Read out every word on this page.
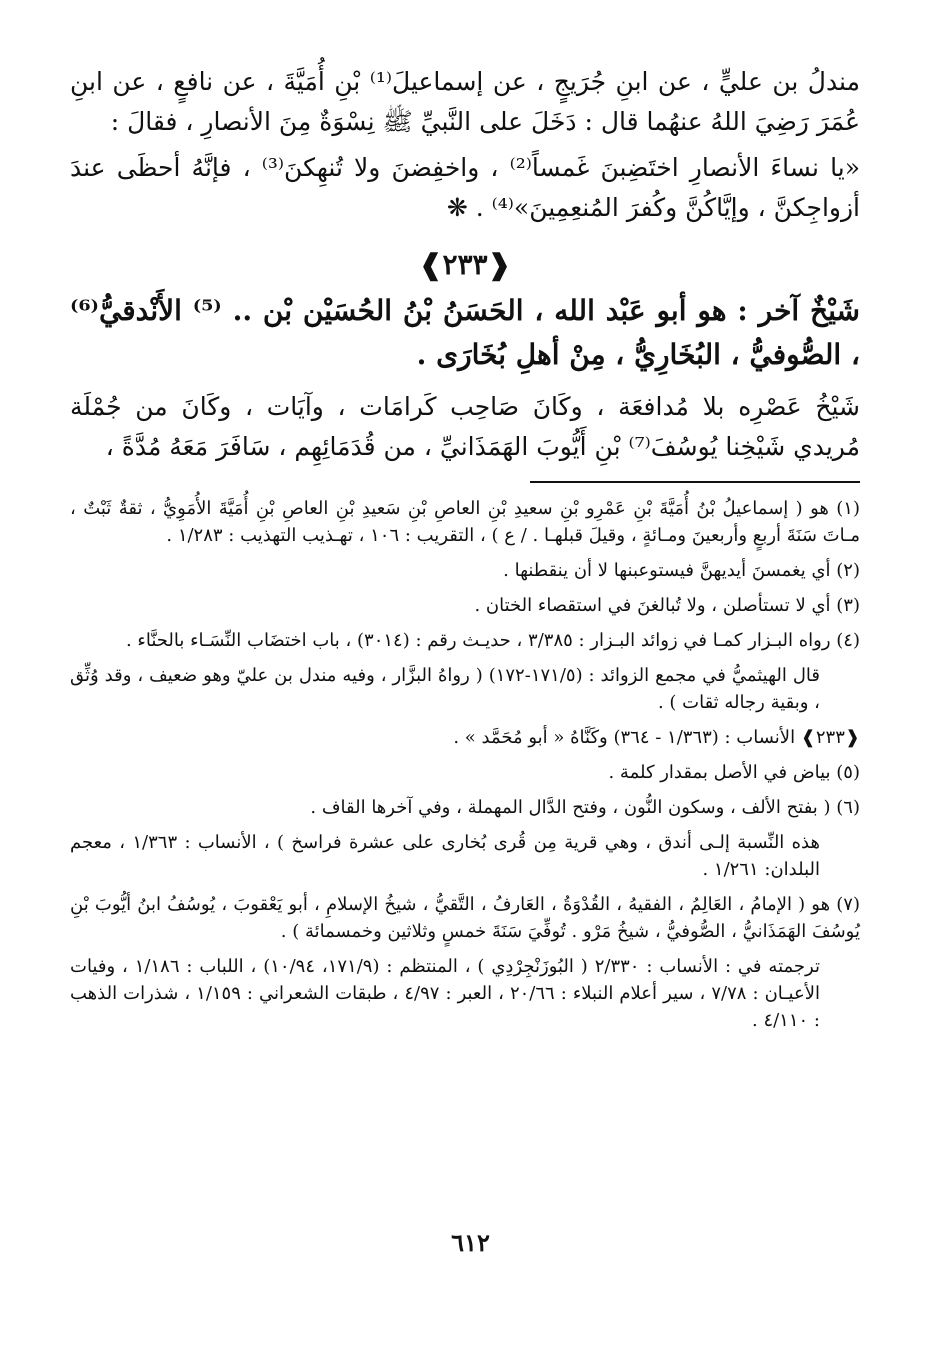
مندلُ بن عليٍّ ، عن ابنِ جُرَيجٍ ، عن إسماعيلَ⁽¹⁾ بْنِ أُمَيَّةَ ، عن نافعٍ ، عن ابنِ عُمَرَ رَضِيَ اللهُ عنهُما قال : دَخَلَ على النَّبيِّ ﷺ نِسْوَةٌ مِنَ الأنصارِ ، فقالَ :

«يا نساءَ الأنصارِ اختَضِبنَ غَمساً⁽²⁾ ، واخفِضنَ ولا تُنهِكنَ⁽³⁾ ، فإنَّهُ أحظَى عندَ أزواجِكنَّ ، وإيَّاكُنَّ وكُفرَ المُنعِمِينَ»⁽⁴⁾ . ❋

❰٢٣٣❱

شَيْخٌ آخر : هو أبو عَبْد الله ، الحَسَنُ بْنُ الحُسَيْن بْن .. ⁽⁵⁾ الأَنْدقيُّ⁽⁶⁾ ، الصُّوفيُّ ، البُخَارِيُّ ، مِنْ أهلِ بُخَارَى .

شَيْخُ عَصْرِه بلا مُدافعَة ، وكَانَ صَاحِب كَرامَات ، وآيَات ، وكَانَ من جُمْلَة مُريدي شَيْخِنا يُوسُفَ⁽⁷⁾ بْنِ أَيُّوبَ الهَمَذَانيِّ ، من قُدَمَائِهِم ، سَافَرَ مَعَهُ مُدَّةً ،

(١) هو ( إسماعيلُ بْنُ أُمَيَّةَ بْنِ عَمْرِو بْنِ سعيدِ بْنِ العاصِ بْنِ سَعيدِ بْنِ العاصِ بْنِ أُمَيَّةَ الأُمَوِيُّ ، ثقةٌ ثَبْتٌ ، مـاتَ سَنَةَ أربعٍ وأربعينَ ومـائةٍ ، وقيلَ قبلهـا . / ع ) ، التقريب : ١٠٦ ، تهـذيب التهذيب : ١/٢٨٣ .

(٢) أي يغمسنَ أيديهنَّ فيستوعبنها لا أن ينقطنها .

(٣) أي لا تستأصلن ، ولا تُبالغنَ في استقصاء الختان .

(٤) رواه البـزار كمـا في زوائد البـزار : ٣/٣٨٥ ، حديـث رقم : (٣٠١٤) ، باب اختضَاب النِّسَـاء بالحنَّاء .

قال الهيثميُّ في مجمع الزوائد : (١٧١/٥-١٧٢) ( رواهُ البزَّار ، وفيه مندل بن عليّ وهو ضعيف ، وقد وُثِّق ، وبقية رجاله ثقات ) .

❰٢٣٣❱ الأنساب : (١/٣٦٣ - ٣٦٤) وكَنَّاهُ « أبو مُحَمَّد » .

(٥) بياض في الأصل بمقدار كلمة .

(٦) ( بفتح الألف ، وسكون النُّون ، وفتح الدَّال المهملة ، وفي آخرها القاف .

هذه النِّسبة إلـى أندق ، وهي قرية مِن قُرى بُخارى على عشرة فراسخ ) ، الأنساب : ١/٣٦٣ ، معجم البلدان: ١/٢٦١ .

(٧) هو ( الإمامُ ، العَالِمُ ، الفقيهُ ، القُدْوَةُ ، العَارفُ ، التَّقيُّ ، شيخُ الإسلامِ ، أبو يَعْقوبَ ، يُوسُفُ ابنُ أيُّوبَ بْنِ يُوسُفَ الهَمَذَانيُّ ، الصُّوفيُّ ، شيخُ مَرْو . تُوفِّيَ سَنَةَ خمسٍ وثلاثين وخمسمائة ) .

ترجمته في : الأنساب : ٢/٣٣٠ ( البُوزَنْجِرْدِي ) ، المنتظم : (١٧١/٩، ١٠/٩٤) ، اللباب : ١/١٨٦ ، وفيات الأعيـان : ٧/٧٨ ، سير أعلام النبلاء : ٢٠/٦٦ ، العبر : ٤/٩٧ ، طبقات الشعراني : ١/١٥٩ ، شذرات الذهب : ٤/١١٠ .

٦١٢
